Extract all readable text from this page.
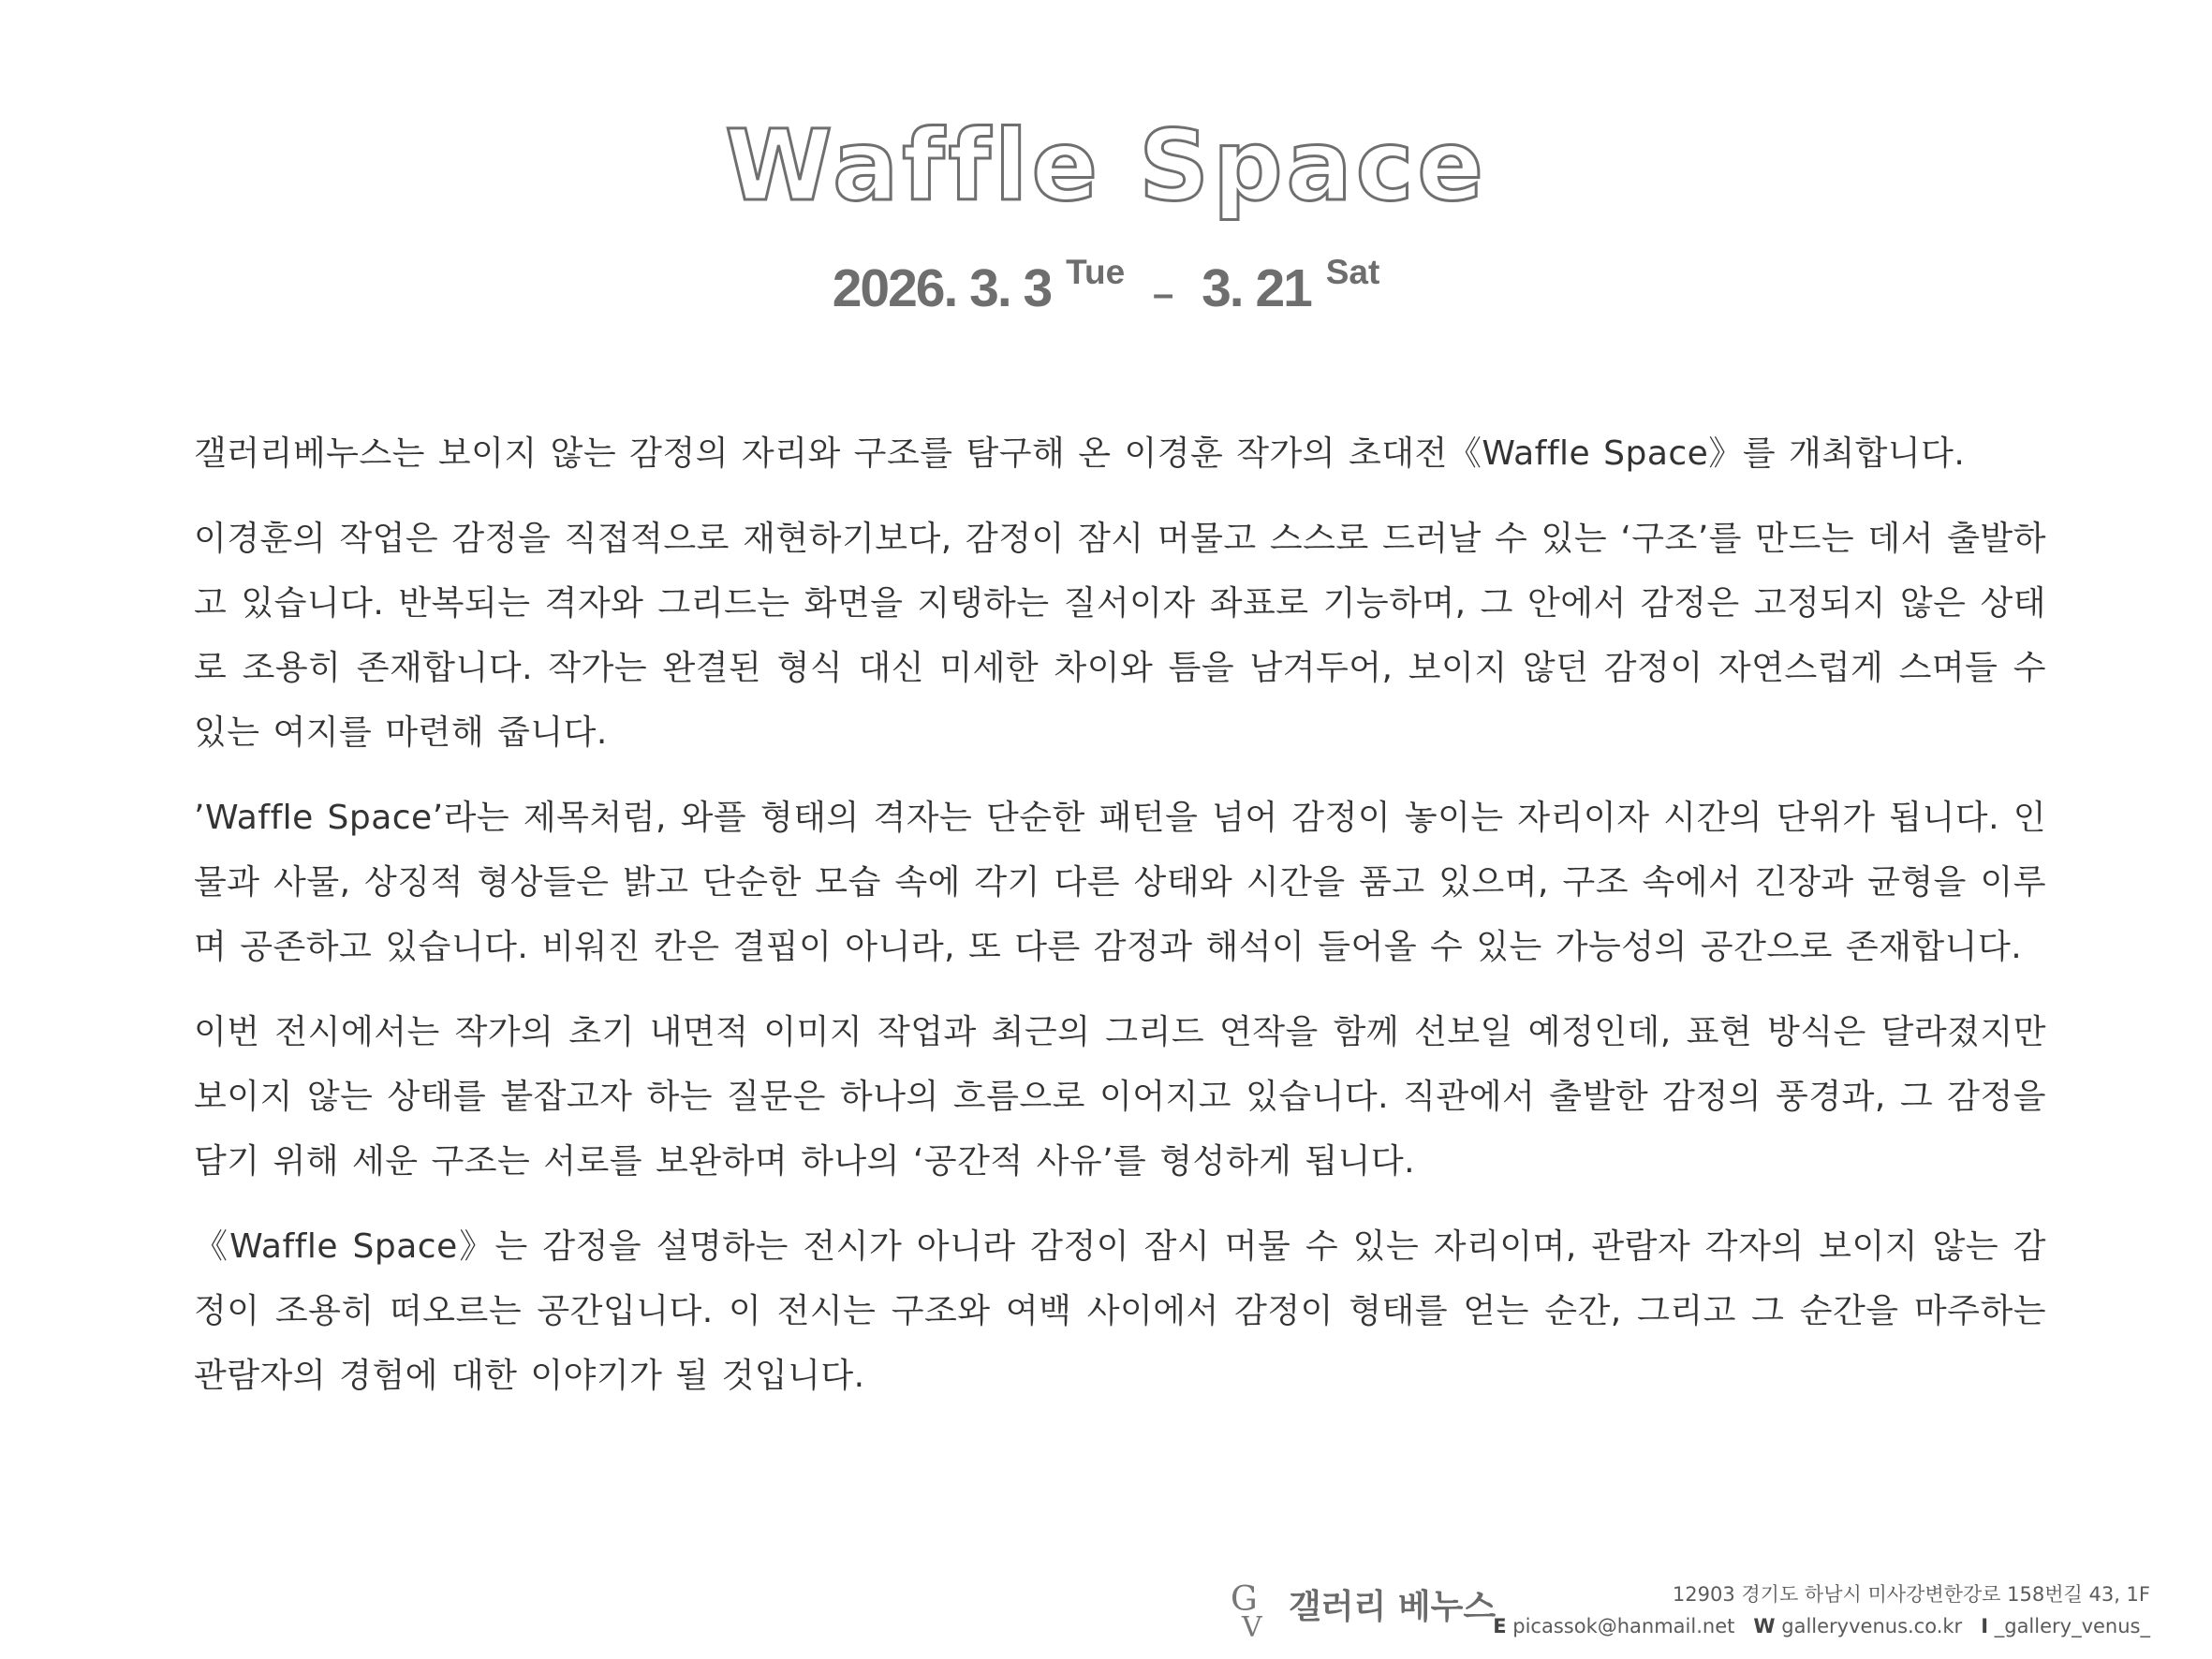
Waffle Space
2026. 3. 3 $^{Tue}$ – 3. 21 $^{Sat}$

갤러리베누스는 보이지 않는 감정의 자리와 구조를 탐구해 온 이경훈 작가의 초대전《Waffle Space》를 개최합니다.

이경훈의 작업은 감정을 직접적으로 재현하기보다, 감정이 잠시 머물고 스스로 드러날 수 있는 ‘구조’를 만드는 데서 출발하고 있습니다. 반복되는 격자와 그리드는 화면을 지탱하는 질서이자 좌표로 기능하며, 그 안에서 감정은 고정되지 않은 상태로 조용히 존재합니다. 작가는 완결된 형식 대신 미세한 차이와 틈을 남겨두어, 보이지 않던 감정이 자연스럽게 스며들 수 있는 여지를 마련해 줍니다.

’Waffle Space’라는 제목처럼, 와플 형태의 격자는 단순한 패턴을 넘어 감정이 놓이는 자리이자 시간의 단위가 됩니다. 인물과 사물, 상징적 형상들은 밝고 단순한 모습 속에 각기 다른 상태와 시간을 품고 있으며, 구조 속에서 긴장과 균형을 이루며 공존하고 있습니다. 비워진 칸은 결핍이 아니라, 또 다른 감정과 해석이 들어올 수 있는 가능성의 공간으로 존재합니다.

이번 전시에서는 작가의 초기 내면적 이미지 작업과 최근의 그리드 연작을 함께 선보일 예정인데, 표현 방식은 달라졌지만 보이지 않는 상태를 붙잡고자 하는 질문은 하나의 흐름으로 이어지고 있습니다. 직관에서 출발한 감정의 풍경과, 그 감정을 담기 위해 세운 구조는 서로를 보완하며 하나의 ‘공간적 사유’를 형성하게 됩니다.

《Waffle Space》는 감정을 설명하는 전시가 아니라 감정이 잠시 머물 수 있는 자리이며, 관람자 각자의 보이지 않는 감정이 조용히 떠오르는 공간입니다. 이 전시는 구조와 여백 사이에서 감정이 형태를 얻는 순간, 그리고 그 순간을 마주하는 관람자의 경험에 대한 이야기가 될 것입니다.

G
V
갤러리 베누스	12903 경기도 하남시 미사강변한강로 158번길 43, 1F
E picassok@hanmail.net W galleryvenus.co.kr I _gallery_venus_
